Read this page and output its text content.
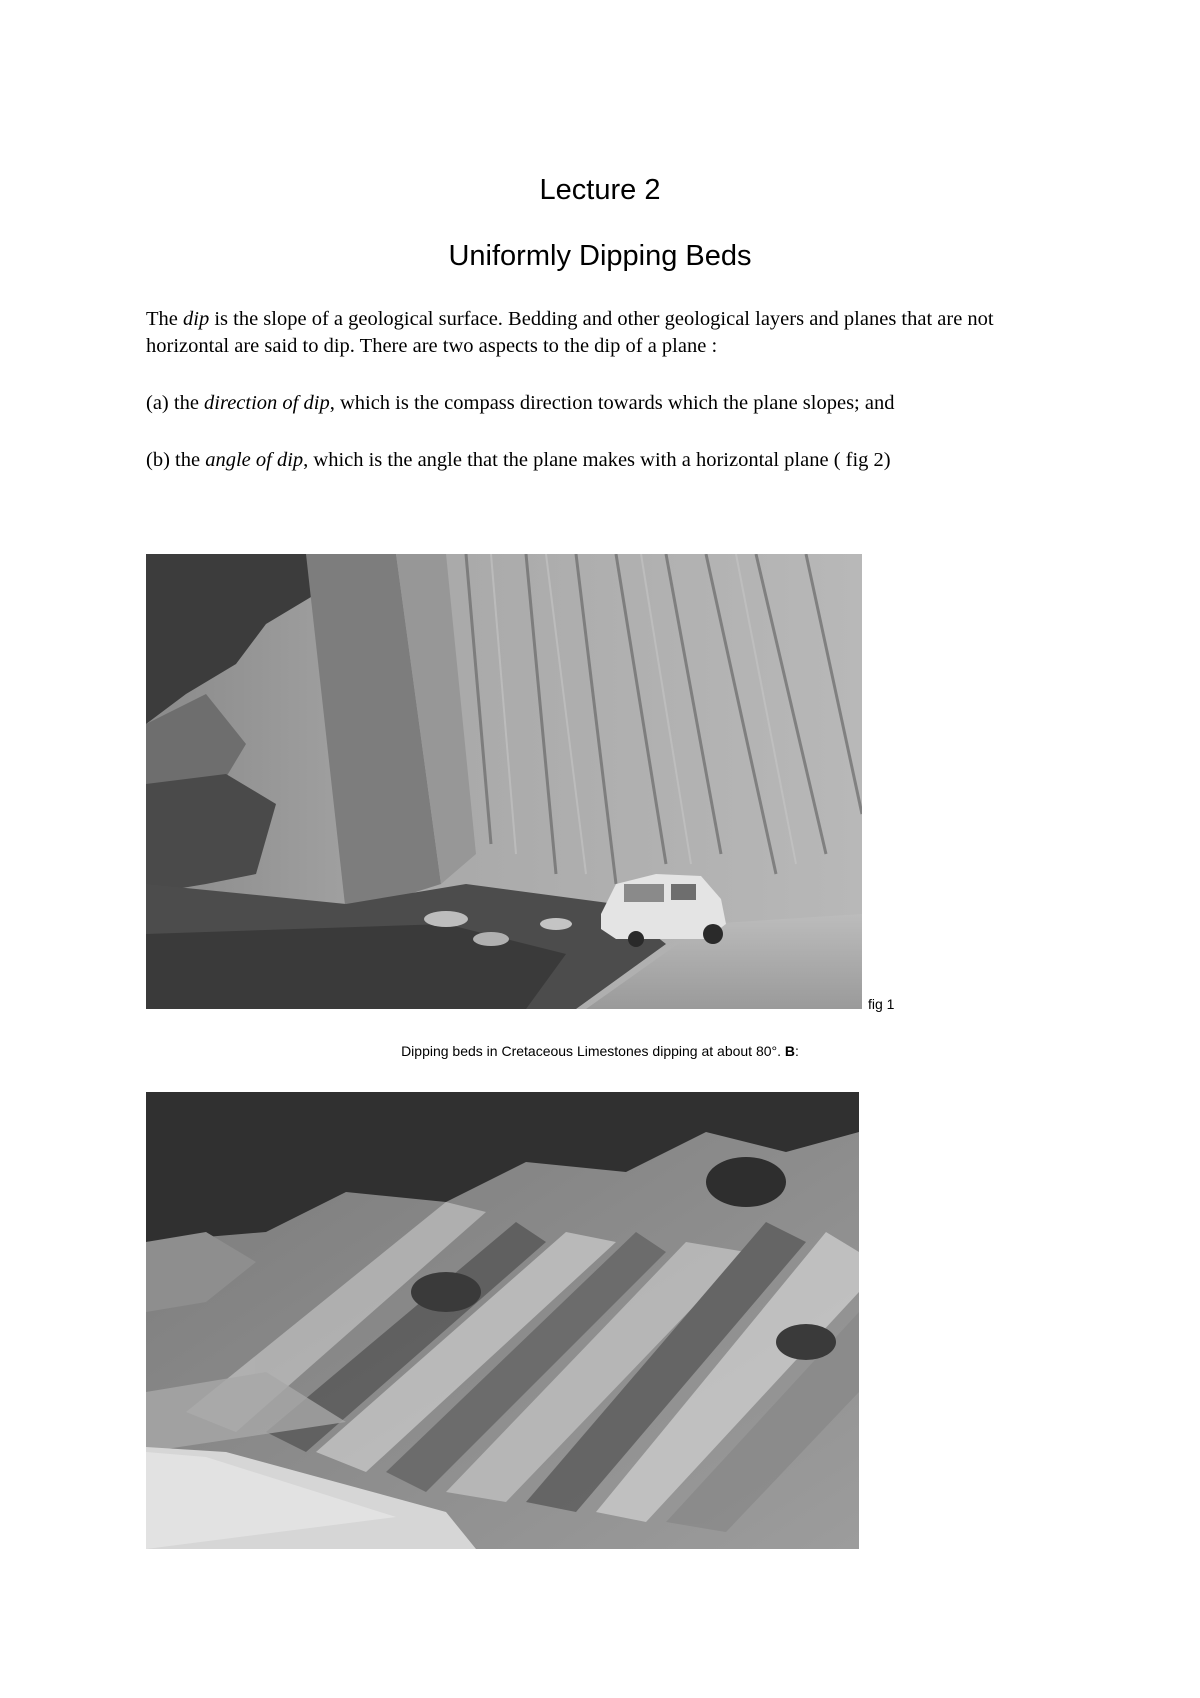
Lecture 2
Uniformly Dipping Beds

The dip is the slope of a geological surface. Bedding and other geological layers and planes that are not horizontal are said to dip. There are two aspects to the dip of a plane :

(a) the direction of dip, which is the compass direction towards which the plane slopes; and

(b) the angle of dip, which is the angle that the plane makes with a horizontal plane ( fig 2)

fig 1
Dipping beds in Cretaceous Limestones dipping at about 80°. B:
